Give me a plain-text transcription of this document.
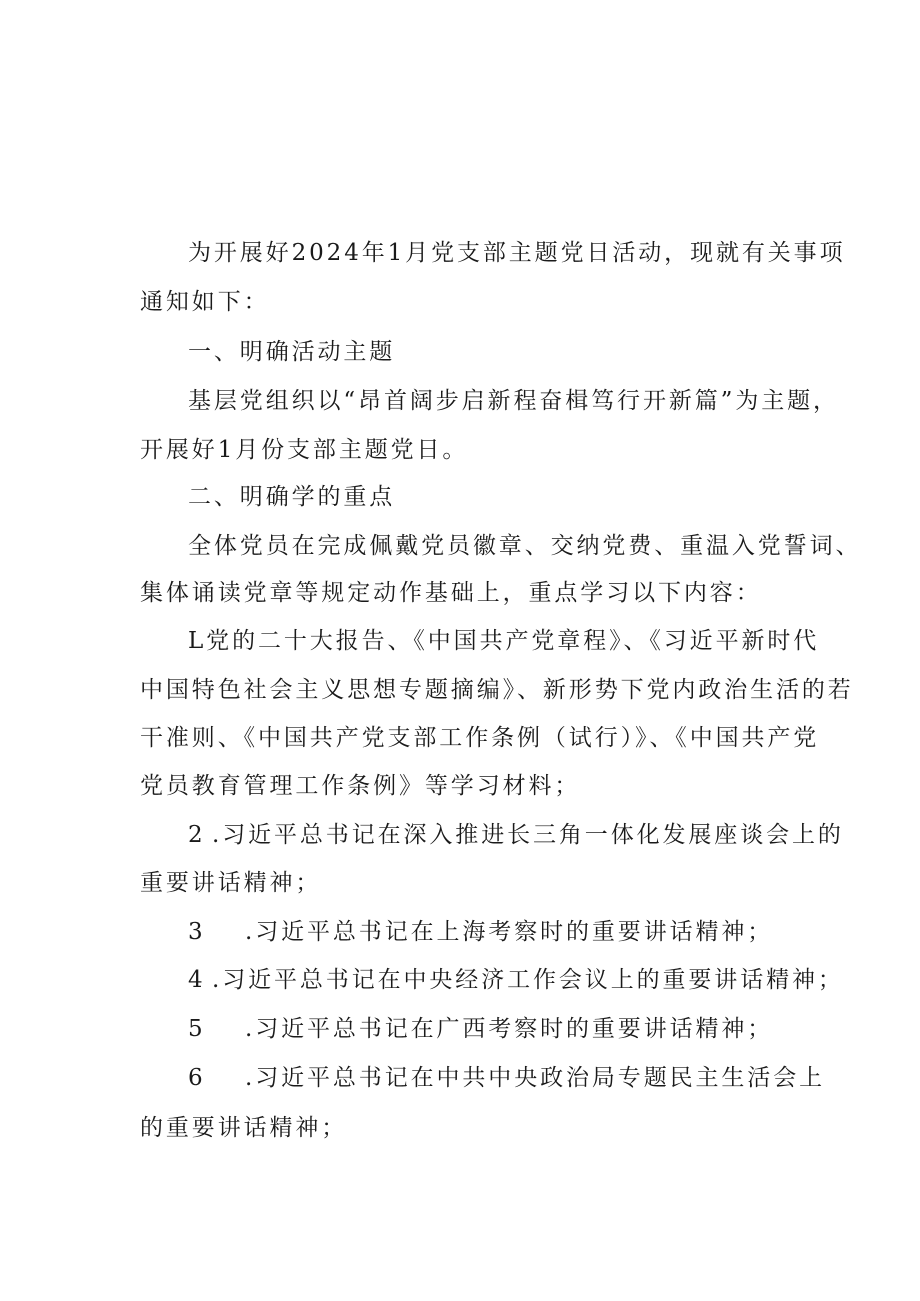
为开展好2024年1月党支部主题党日活动，现就有关事项
通知如下：
一、明确活动主题
基层党组织以“昂首阔步启新程奋楫笃行开新篇”为主题，
开展好1月份支部主题党日。
二、明确学的重点
全体党员在完成佩戴党员徽章、交纳党费、重温入党誓词、
集体诵读党章等规定动作基础上，重点学习以下内容：
L党的二十大报告、《中国共产党章程》、《习近平新时代
中国特色社会主义思想专题摘编》、新形势下党内政治生活的若
干准则、《中国共产党支部工作条例（试行）》、《中国共产党
党员教育管理工作条例》等学习材料；
2 .习近平总书记在深入推进长三角一体化发展座谈会上的
重要讲话精神；
3 .习近平总书记在上海考察时的重要讲话精神；
4 .习近平总书记在中央经济工作会议上的重要讲话精神；
5 .习近平总书记在广西考察时的重要讲话精神；
6 .习近平总书记在中共中央政治局专题民主生活会上
的重要讲话精神；
